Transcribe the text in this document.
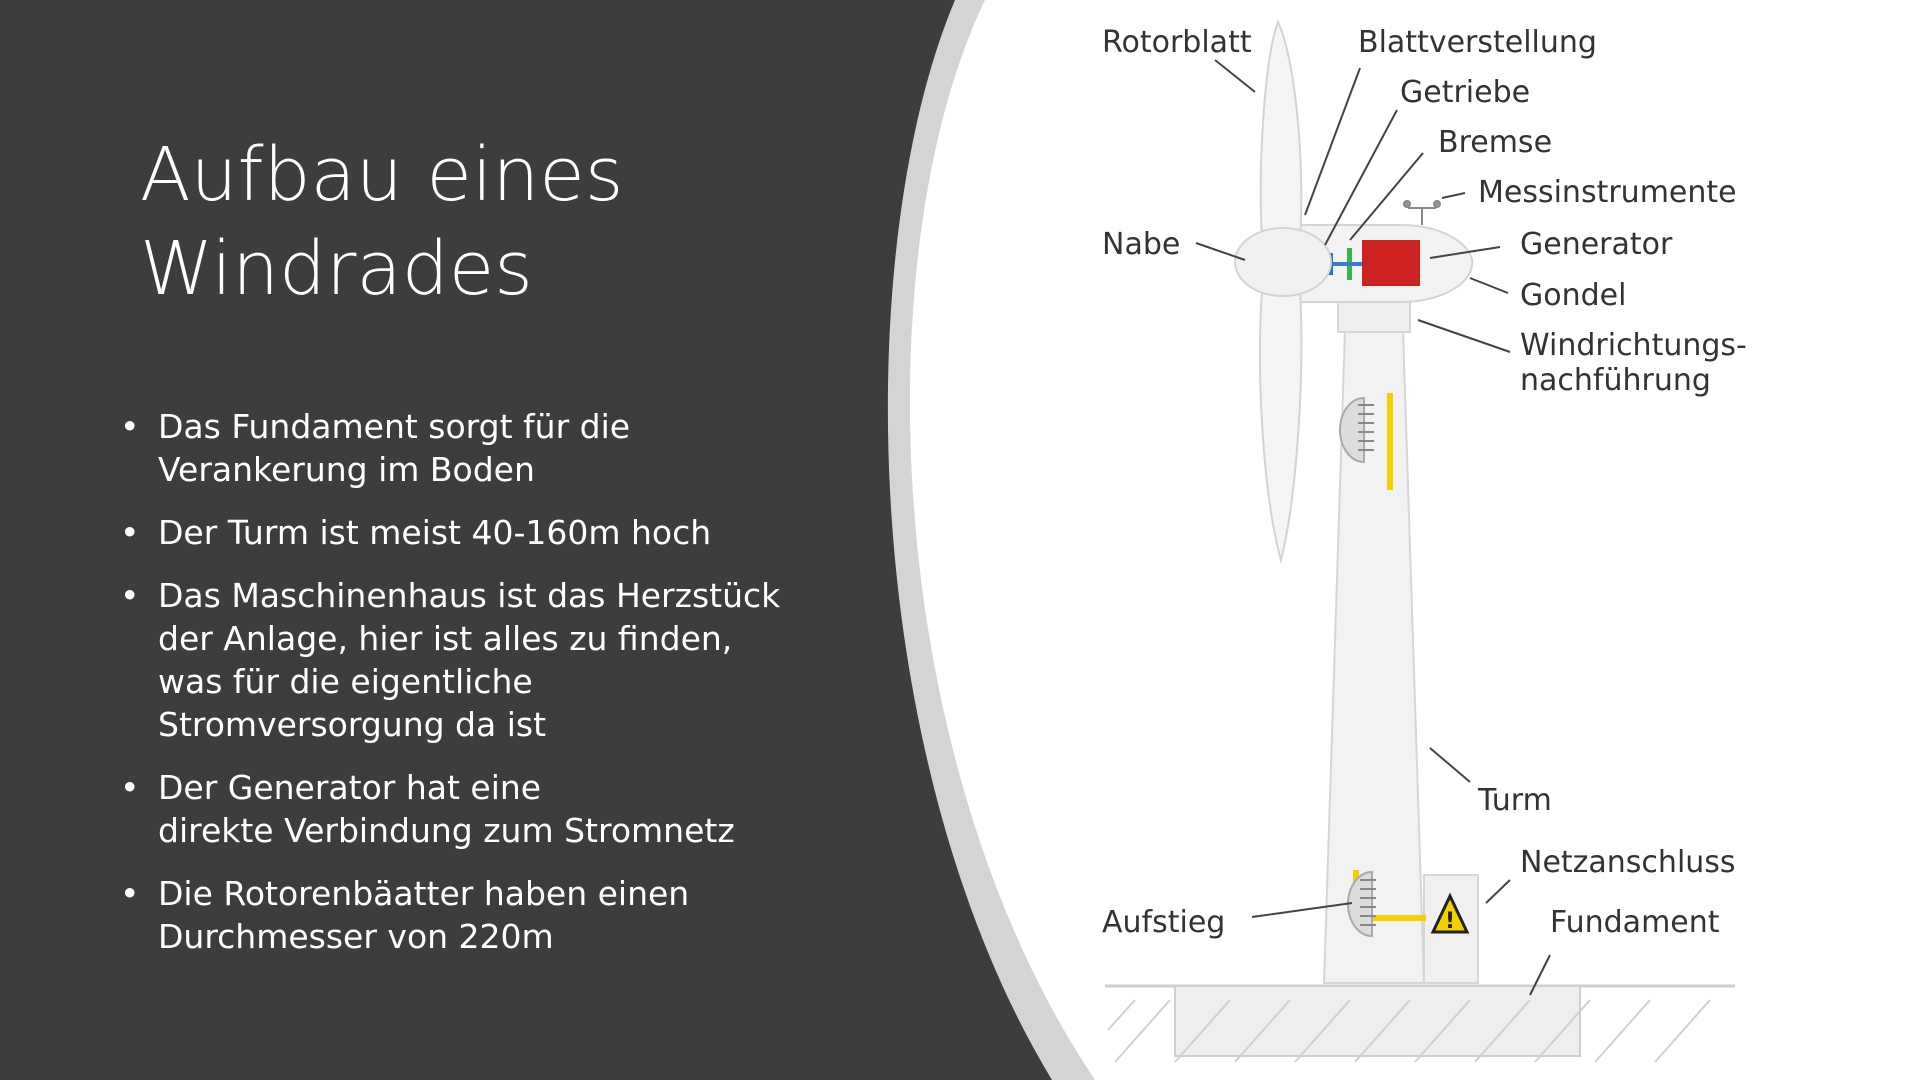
Aufbau eines
Windrades
• Das Fundament sorgt für die
Verankerung im Boden
• Der Turm ist meist 40-160m hoch
• Das Maschinenhaus ist das Herzstück
der Anlage, hier ist alles zu finden,
was für die eigentliche
Stromversorgung da ist
• Der Generator hat eine
direkte Verbindung zum Stromnetz
• Die Rotorenbäatter haben einen
Durchmesser von 220m	!
Rotorblatt	Blattverstellung
Getriebe
Bremse
Messinstrumente
Nabe	Generator
Gondel
Windrichtungs-
nachführung
Turm
Netzanschluss
Aufstieg	Fundament
